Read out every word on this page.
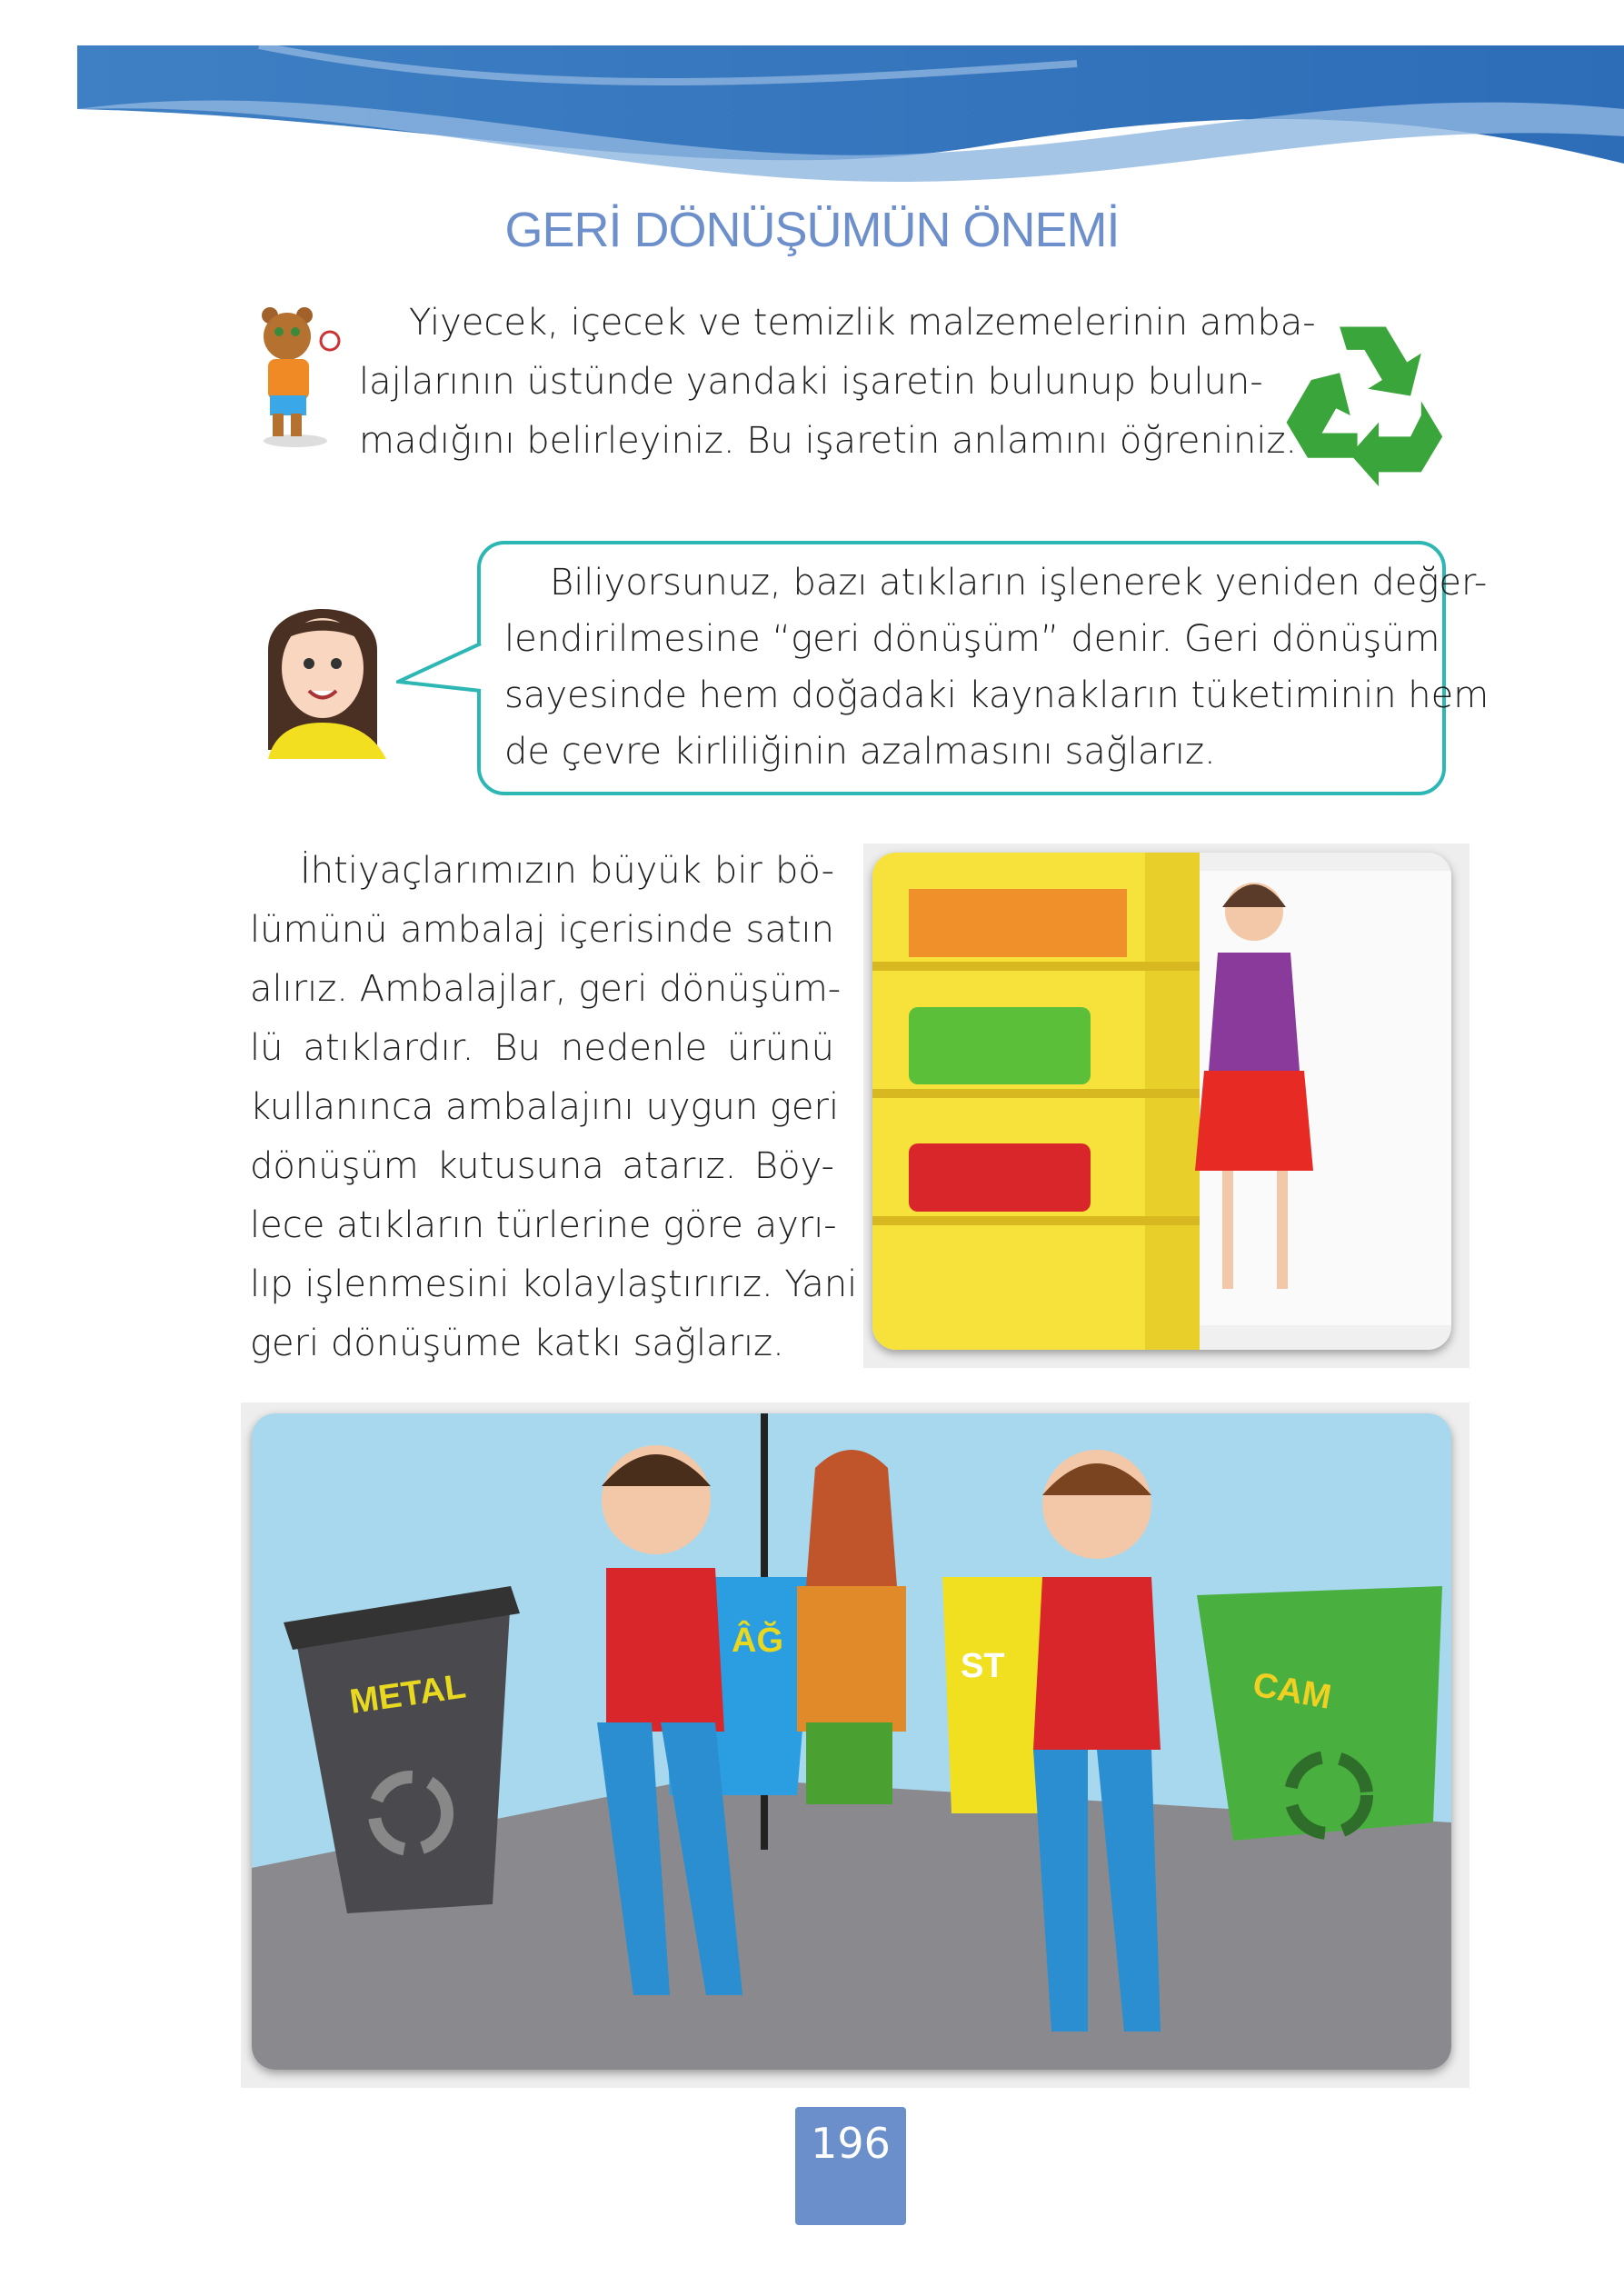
GERİ DÖNÜŞÜMÜN ÖNEMİ
Yiyecek, içecek ve temizlik malzemelerinin amba-
lajlarının üstünde yandaki işaretin bulunup bulun-
madığını belirleyiniz. Bu işaretin anlamını öğreniniz.
Biliyorsunuz, bazı atıkların işlenerek yeniden değer-
lendirilmesine “geri dönüşüm” denir. Geri dönüşüm
sayesinde hem doğadaki kaynakların tüketiminin hem
de çevre kirliliğinin azalmasını sağlarız.
İhtiyaçlarımızın büyük bir bö-
lümünü ambalaj içerisinde satın
alırız. Ambalajlar, geri dönüşüm-
lü atıklardır. Bu nedenle ürünü
kullanınca ambalajını uygun geri
dönüşüm kutusuna atarız. Böy-
lece atıkların türlerine göre ayrı-
lıp işlenmesini kolaylaştırırız. Yani
geri dönüşüme katkı sağlarız.
ST
METAL	CAM
ÂĞ
196
